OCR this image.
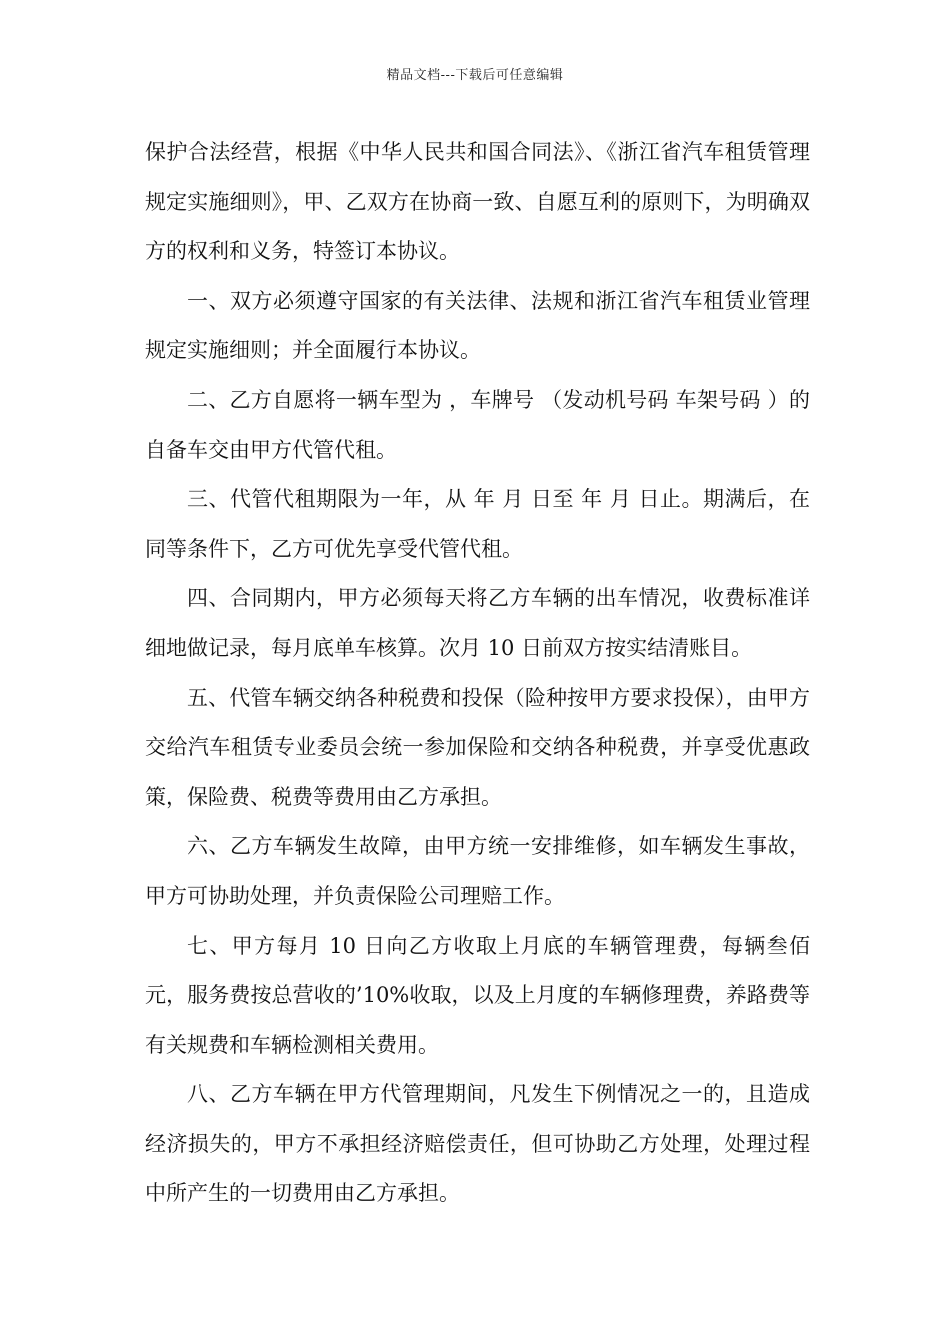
精品文档---下载后可任意编辑

保护合法经营，根据《中华人民共和国合同法》、《浙江省汽车租赁管理规定实施细则》，甲、乙双方在协商一致、自愿互利的原则下，为明确双方的权利和义务，特签订本协议。

一、双方必须遵守国家的有关法律、法规和浙江省汽车租赁业管理规定实施细则；并全面履行本协议。

二、乙方自愿将一辆车型为 ，车牌号 （发动机号码 车架号码 ）的自备车交由甲方代管代租。

三、代管代租期限为一年，从 年 月 日至 年 月 日止。期满后，在同等条件下，乙方可优先享受代管代租。

四、合同期内，甲方必须每天将乙方车辆的出车情况，收费标准详细地做记录，每月底单车核算。次月 10 日前双方按实结清账目。

五、代管车辆交纳各种税费和投保（险种按甲方要求投保），由甲方交给汽车租赁专业委员会统一参加保险和交纳各种税费，并享受优惠政策，保险费、税费等费用由乙方承担。

六、乙方车辆发生故障，由甲方统一安排维修，如车辆发生事故，甲方可协助处理，并负责保险公司理赔工作。

七、甲方每月 10 日向乙方收取上月底的车辆管理费，每辆叁佰元，服务费按总营收的’10%收取，以及上月度的车辆修理费，养路费等有关规费和车辆检测相关费用。

八、乙方车辆在甲方代管理期间，凡发生下例情况之一的，且造成经济损失的，甲方不承担经济赔偿责任，但可协助乙方处理，处理过程中所产生的一切费用由乙方承担。
